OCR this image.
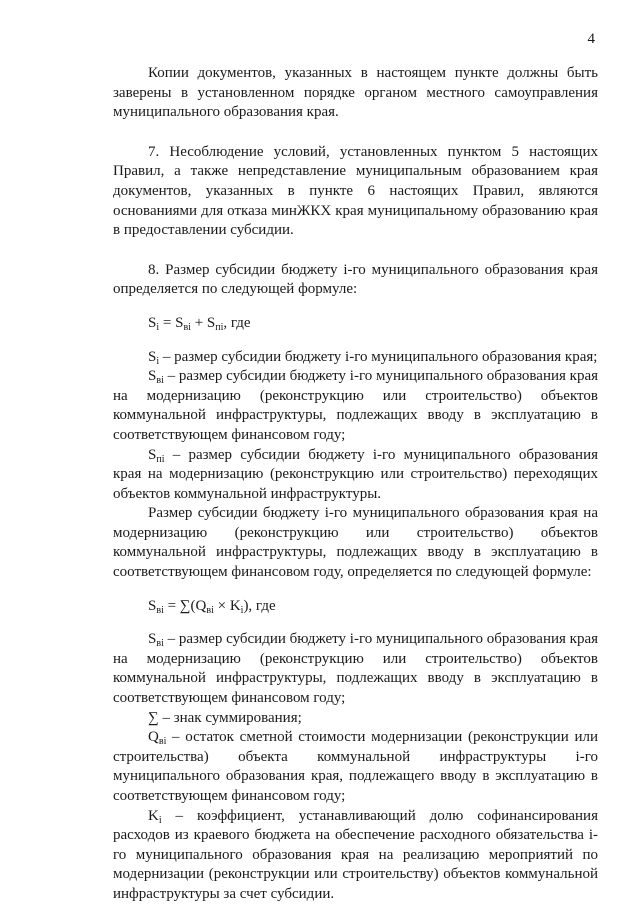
4

Копии документов, указанных в настоящем пункте должны быть заверены в установленном порядке органом местного самоуправления муниципального образования края.

7. Несоблюдение условий, установленных пунктом 5 настоящих Правил, а также непредставление муниципальным образованием края документов, указанных в пункте 6 настоящих Правил, являются основаниями для отказа минЖКХ края муниципальному образованию края в предоставлении субсидии.

8. Размер субсидии бюджету i-го муниципального образования края определяется по следующей формуле:

$S_i = S_{вi} + S_{пi}$, где

$S_i$ – размер субсидии бюджету i-го муниципального образования края;

$S_{вi}$ – размер субсидии бюджету i-го муниципального образования края на модернизацию (реконструкцию или строительство) объектов коммунальной инфраструктуры, подлежащих вводу в эксплуатацию в соответствующем финансовом году;

$S_{пi}$ – размер субсидии бюджету i-го муниципального образования края на модернизацию (реконструкцию или строительство) переходящих объектов коммунальной инфраструктуры.

Размер субсидии бюджету i-го муниципального образования края на модернизацию (реконструкцию или строительство) объектов коммунальной инфраструктуры, подлежащих вводу в эксплуатацию в соответствующем финансовом году, определяется по следующей формуле:

$S_{вi} = \sum(Q_{вi} \times K_i)$, где

$S_{вi}$ – размер субсидии бюджету i-го муниципального образования края на модернизацию (реконструкцию или строительство) объектов коммунальной инфраструктуры, подлежащих вводу в эксплуатацию в соответствующем финансовом году;

∑ – знак суммирования;

$Q_{вi}$ – остаток сметной стоимости модернизации (реконструкции или строительства) объекта коммунальной инфраструктуры i-го муниципального образования края, подлежащего вводу в эксплуатацию в соответствующем финансовом году;

$K_i$ – коэффициент, устанавливающий долю софинансирования расходов из краевого бюджета на обеспечение расходного обязательства i-го муниципального образования края на реализацию мероприятий по модернизации (реконструкции или строительству) объектов коммунальной инфраструктуры за счет субсидии.
